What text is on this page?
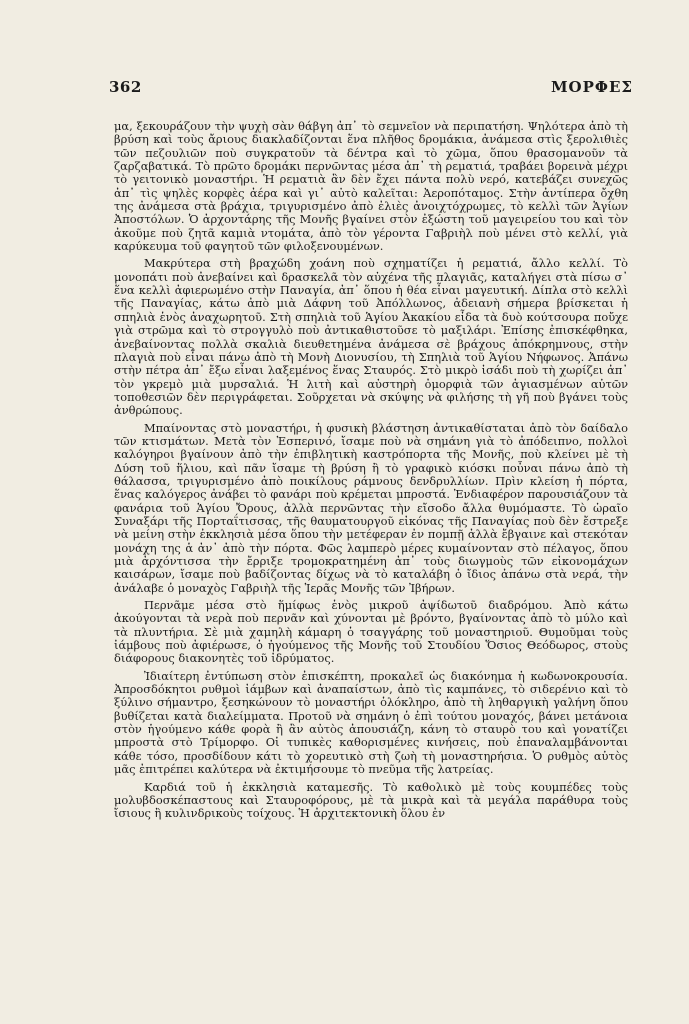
362	ΜΟΡΦΕΣ

μα, ξεκουράζουν τὴν ψυχὴ σὰν θάβγη ἀπ᾿ τὸ σεμνεῖον νὰ περιπατήση. Ψηλότερα ἀπὸ τὴ βρύση καὶ τοὺς ἄριους διακλαδίζονται ἕνα πλῆθος δρομάκια, ἀνάμεσα στὶς ξερολιθιὲς τῶν πεζουλιῶν ποὺ συγκρατοῦν τὰ δέντρα καὶ τὸ χῶμα, ὅπου θρασομανοῦν τὰ ζαρζαβατικά. Τὸ πρῶτο δρομάκι περνῶντας μέσα ἀπ᾿ τὴ ρεματιά, τραβάει βορεινὰ μέχρι τὸ γειτονικὸ μοναστήρι. Ἡ ρεματιὰ ἂν δὲν ἔχει πάντα πολὺ νερό, κατεβάζει συνεχῶς ἀπ᾿ τὶς ψηλὲς κορφὲς ἀέρα καὶ γι᾿ αὐτὸ καλεῖται: Ἀεροπόταμος. Στὴν ἀντίπερα ὄχθη της ἀνάμεσα στὰ βράχια, τριγυρισμένο ἀπὸ ἐλιὲς ἀνοιχτόχρωμες, τὸ κελλὶ τῶν Ἁγίων Ἀποστόλων. Ὁ ἀρχοντάρης τῆς Μονῆς βγαίνει στὸν ἐξώστη τοῦ μαγειρείου του καὶ τὸν ἀκοῦμε ποὺ ζητᾶ καμιὰ ντομάτα, ἀπὸ τὸν γέροντα Γαβριὴλ ποὺ μένει στὸ κελλί, γιὰ καρύκευμα τοῦ φαγητοῦ τῶν φιλοξενουμένων.

Μακρύτερα στὴ βραχώδη χοάνη ποὺ σχηματίζει ἡ ρεματιά, ἄλλο κελλί. Τὸ μονοπάτι ποὺ ἀνεβαίνει καὶ δρασκελᾶ τὸν αὐχένα τῆς πλαγιᾶς, καταλήγει στὰ πίσω σ᾿ ἕνα κελλὶ ἀφιερωμένο στὴν Παναγία, ἀπ᾿ ὅπου ἡ θέα εἶναι μαγευτική. Δίπλα στὸ κελλὶ τῆς Παναγίας, κάτω ἀπὸ μιὰ Δάφνη τοῦ Ἀπόλλωνος, ἀδειανὴ σήμερα βρίσκεται ἡ σπηλιὰ ἑνὸς ἀναχωρητοῦ. Στὴ σπηλιὰ τοῦ Ἁγίου Ἀκακίου εἶδα τὰ δυὸ κούτσουρα ποὔχε γιὰ στρῶμα καὶ τὸ στρογγυλὸ ποὺ ἀντικαθιστοῦσε τὸ μαξιλάρι. Ἐπίσης ἐπισκέφθηκα, ἀνεβαίνοντας πολλὰ σκαλιὰ διευθετημένα ἀνάμεσα σὲ βράχους ἀπόκρημνους, στὴν πλαγιὰ ποὺ εἶναι πάνω ἀπὸ τὴ Μονὴ Διονυσίου, τὴ Σπηλιὰ τοῦ Ἁγίου Νήφωνος. Ἀπάνω στὴν πέτρα ἀπ᾿ ἔξω εἶναι λαξεμένος ἕνας Σταυρός. Στὸ μικρὸ ἰσάδι ποὺ τὴ χωρίζει ἀπ᾿ τὸν γκρεμὸ μιὰ μυρσαλιά. Ἡ λιτὴ καὶ αὐστηρὴ ὀμορφιὰ τῶν ἁγιασμένων αὐτῶν τοποθεσιῶν δὲν περιγράφεται. Σοῦρχεται νὰ σκύψης νὰ φιλήσης τὴ γῆ ποὺ βγάνει τοὺς ἀνθρώπους.

Μπαίνοντας στὸ μοναστήρι, ἡ φυσικὴ βλάστηση ἀντικαθίσταται ἀπὸ τὸν δαίδαλο τῶν κτισμάτων. Μετὰ τὸν Ἑσπερινό, ἴσαμε ποὺ νὰ σημάνη γιὰ τὸ ἀπόδειπνο, πολλοὶ καλόγηροι βγαίνουν ἀπὸ τὴν ἐπιβλητικὴ καστρόπορτα τῆς Μονῆς, ποὺ κλείνει μὲ τὴ Δύση τοῦ ἥλιου, καὶ πᾶν ἴσαμε τὴ βρύση ἢ τὸ γραφικὸ κιόσκι ποὖναι πάνω ἀπὸ τὴ θάλασσα, τριγυρισμένο ἀπὸ ποικίλους ράμνους δενδρυλλίων. Πρὶν κλείση ἡ πόρτα, ἕνας καλόγερος ἀνάβει τὸ φανάρι ποὺ κρέμεται μπροστά. Ἐνδιαφέρον παρουσιάζουν τὰ φανάρια τοῦ Ἁγίου Ὄρους, ἀλλὰ περνῶντας τὴν εἴσοδο ἄλλα θυμόμαστε. Τὸ ὡραῖο Συναξάρι τῆς Πορταΐτισσας, τῆς θαυματουργοῦ εἰκόνας τῆς Παναγίας ποὺ δὲν ἔστρεξε νὰ μείνη στὴν ἐκκλησιὰ μέσα ὅπου τὴν μετέφεραν ἐν πομπῇ ἀλλὰ ἔβγαινε καὶ στεκόταν μονάχη της ἁ ἀν᾿ ἀπὸ τὴν πόρτα. Φῶς λαμπερὸ μέρες κυμαίνονταν στὸ πέλαγος, ὅπου μιὰ ἀρχόντισσα τὴν ἔρριξε τρομοκρατημένη ἀπ᾿ τοὺς διωγμοὺς τῶν εἰκονομάχων καισάρων, ἴσαμε ποὺ βαδίζοντας δίχως νὰ τὸ καταλάβη ὁ ἴδιος ἀπάνω στὰ νερά, τὴν ἀνάλαβε ὁ μοναχὸς Γαβριὴλ τῆς Ἱερᾶς Μονῆς τῶν Ἰβήρων.

Περνᾶμε μέσα στὸ ἥμίφως ἑνὸς μικροῦ ἀψίδωτοῦ διαδρόμου. Ἀπὸ κάτω ἀκούγονται τὰ νερὰ ποὺ περνᾶν καὶ χύνονται μὲ βρόντο, βγαίνοντας ἀπὸ τὸ μύλο καὶ τὰ πλυντήρια. Σὲ μιὰ χαμηλὴ κάμαρη ὁ τσαγγάρης τοῦ μοναστηριοῦ. Θυμοῦμαι τοὺς ἰάμβους ποὺ ἀφιέρωσε, ὁ ἡγούμενος τῆς Μονῆς τοῦ Στουδίου Ὅσιος Θεόδωρος, στοὺς διάφορους διακονητὲς τοῦ ἱδρύματος.

Ἰδιαίτερη ἐντύπωση στὸν ἐπισκέπτη, προκαλεῖ ὡς διακόνημα ἡ κωδωνοκρουσία. Ἀπροσδόκητοι ρυθμοὶ ἰάμβων καὶ ἀναπαίστων, ἀπὸ τὶς καμπάνες, τὸ σιδερένιο καὶ τὸ ξύλινο σήμαντρο, ξεσηκώνουν τὸ μοναστήρι ὁλόκληρο, ἀπὸ τὴ ληθαργικὴ γαλήνη ὅπου βυθίζεται κατὰ διαλείμματα. Προτοῦ νὰ σημάνη ὁ ἐπὶ τούτου μοναχός, βάνει μετάνοια στὸν ἡγούμενο κάθε φορὰ ἢ ἂν αὐτὸς ἀπουσιάζη, κάνη τὸ σταυρὸ του καὶ γονατίζει μπροστὰ στὸ Τρίμορφο. Οἱ τυπικὲς καθορισμένες κινήσεις, ποὺ ἐπαναλαμβάνονται κάθε τόσο, προσδίδουν κάτι τὸ χορευτικὸ στὴ ζωὴ τὴ μοναστηρήσια. Ὁ ρυθμὸς αὐτὸς μᾶς ἐπιτρέπει καλύτερα νὰ ἐκτιμήσουμε τὸ πνεῦμα τῆς λατρείας.

Καρδιά τοῦ ἡ ἐκκλησιὰ καταμεσῆς. Τὸ καθολικὸ μὲ τοὺς κουμπέδες τοὺς μολυβδοσκέπαστους καὶ Σταυροφόρους, μὲ τὰ μικρὰ καὶ τὰ μεγάλα παράθυρα τοὺς ἴσιους ἢ κυλινδρικοὺς τοίχους. Ἡ ἀρχιτεκτονικὴ ὅλου ἐν
